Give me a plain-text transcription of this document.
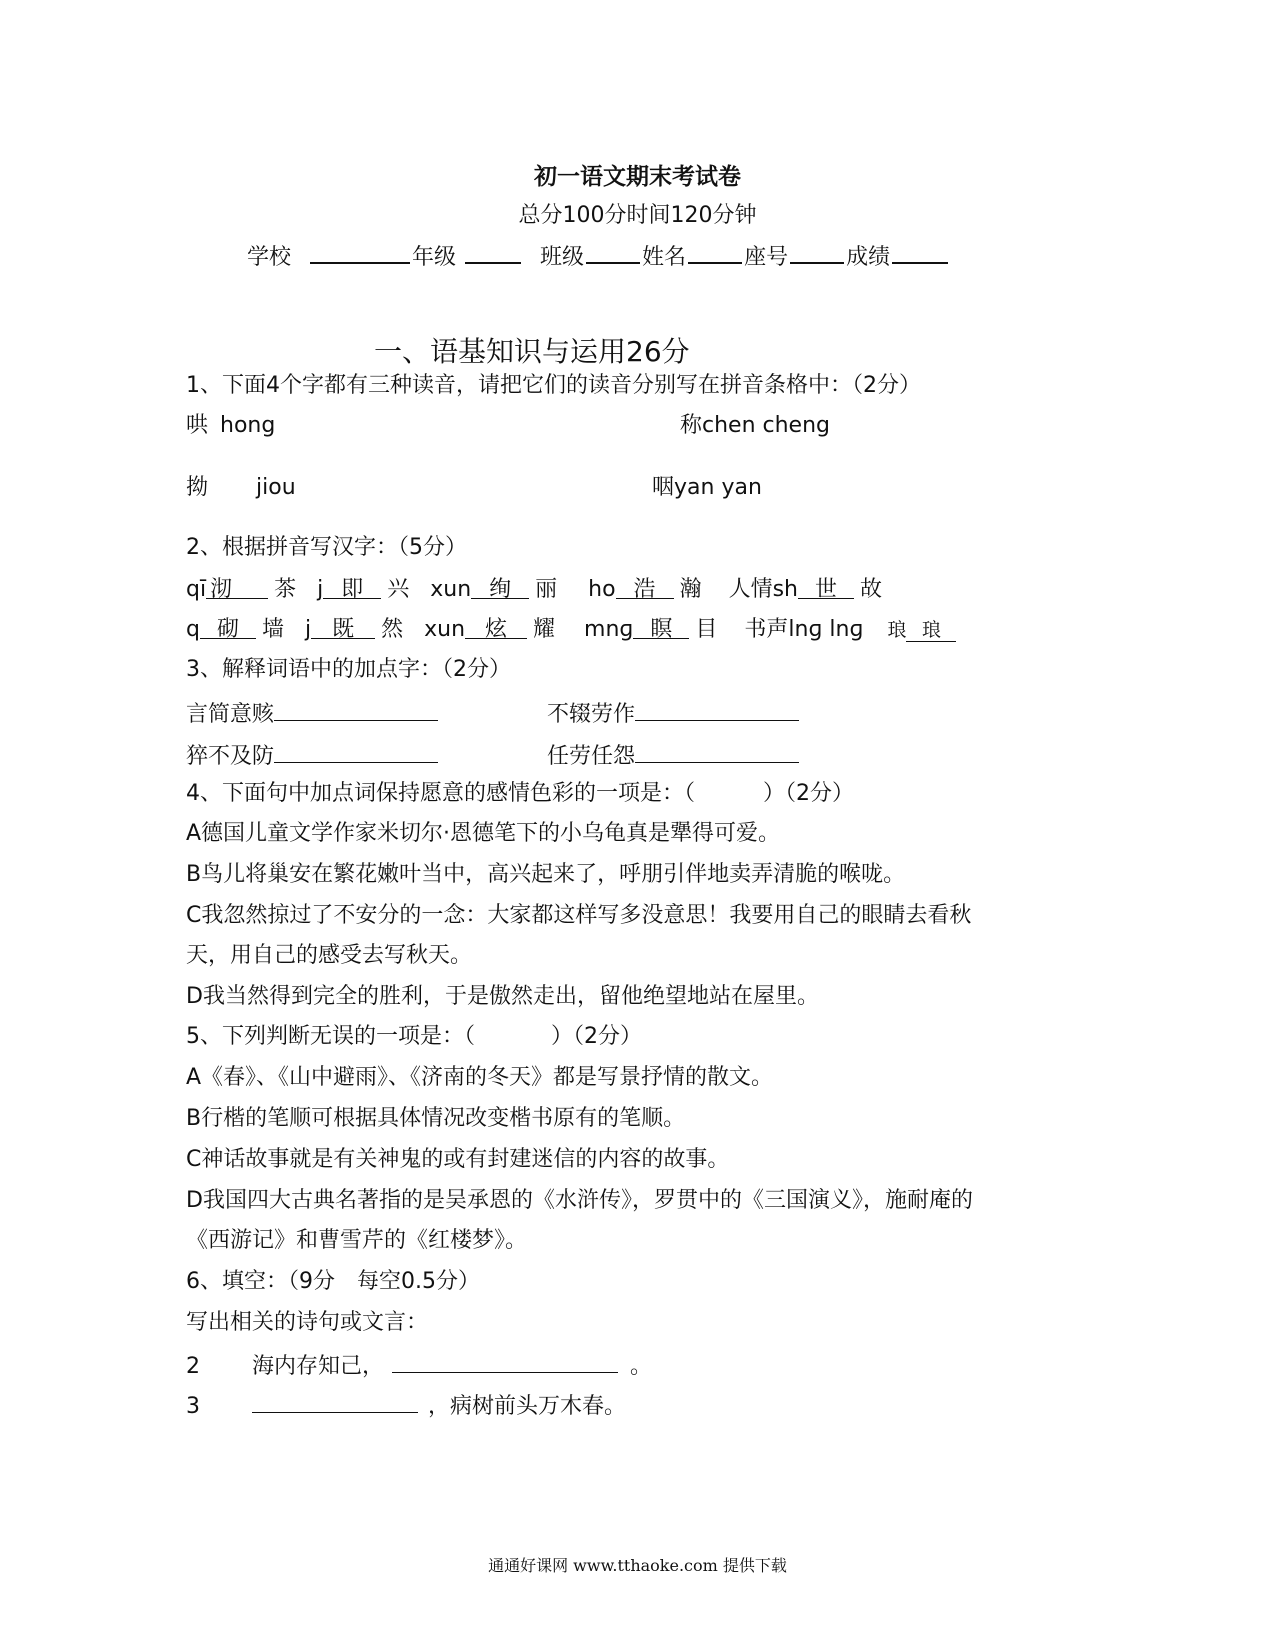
初一语文期末考试卷
总分100分时间120分钟
学校	年级	班级	姓名	座号	成绩
一、语基知识与运用26分
1、下面4个字都有三种读音，请把它们的读音分别写在拼音条格中：（2分）
哄 hong	称chen cheng
拗 jiou	咽yan yan
2、根据拼音写汉字：（5分）
qī 沏 茶 j 即 兴 xun 绚 丽 ho 浩 瀚 人情sh 世 故
q 砌 墙 j 既 然 xun 炫 耀 mnɡ 瞑 目 书声lnɡ lnɡ 琅 琅
3、解释词语中的加点字：（2分）
言简意赅	不辍劳作
猝不及防	任劳任怨
4、下面句中加点词保持愿意的感情色彩的一项是：（	）（2分）
A德国儿童文学作家米切尔·恩德笔下的小乌龟真是犟得可爱。
B鸟儿将巢安在繁花嫩叶当中，高兴起来了，呼朋引伴地卖弄清脆的喉咙。
C我忽然掠过了不安分的一念：大家都这样写多没意思！我要用自己的眼睛去看秋
天，用自己的感受去写秋天。
D我当然得到完全的胜利，于是傲然走出，留他绝望地站在屋里。
5、下列判断无误的一项是：（	）（2分）
A《春》、《山中避雨》、《济南的冬天》都是写景抒情的散文。
B行楷的笔顺可根据具体情况改变楷书原有的笔顺。
C神话故事就是有关神鬼的或有封建迷信的内容的故事。
D我国四大古典名著指的是吴承恩的《水浒传》，罗贯中的《三国演义》，施耐庵的
《西游记》和曹雪芹的《红楼梦》。
6、填空：（9分　每空0.5分）
写出相关的诗句或文言：
2 海内存知己，	。
3	，病树前头万木春。
通通好课网 www.tthaoke.com 提供下载
